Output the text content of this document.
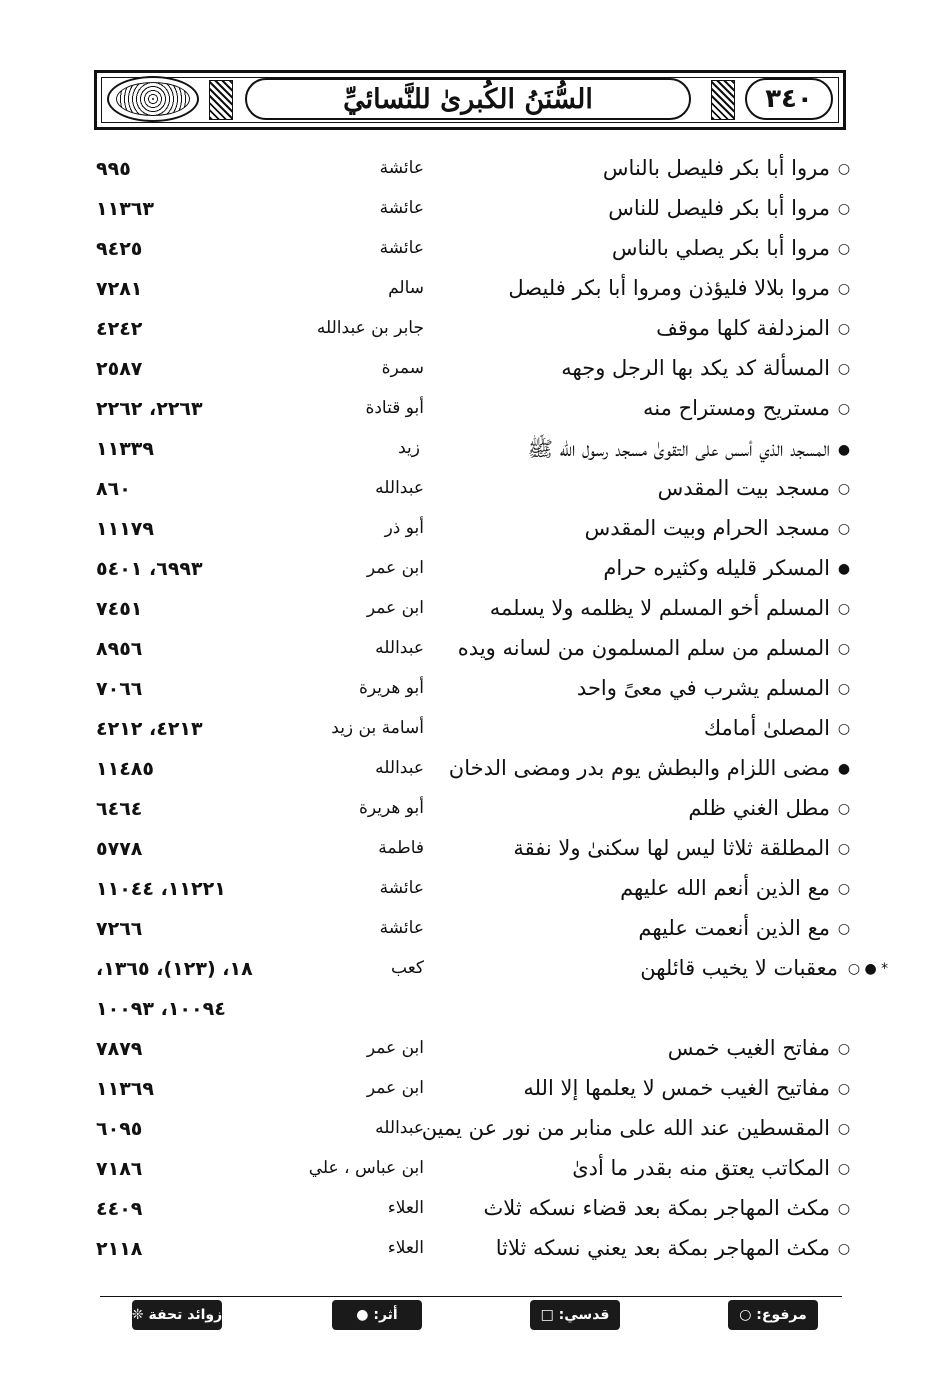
السُّنَنُ الكُبرىٰ للنَّسائيِّ	٣٤٠
○مروا أبا بكر فليصل بالناس
عائشة
٩٩٥
○مروا أبا بكر فليصل للناس
عائشة
١١٣٦٣
○مروا أبا بكر يصلي بالناس
عائشة
٩٤٢٥
○مروا بلالا فليؤذن ومروا أبا بكر فليصل
سالم
٧٢٨١
○المزدلفة كلها موقف
جابر بن عبدالله
٤٢٤٢
○المسألة كد يكد بها الرجل وجهه
سمرة
٢٥٨٧
○مستريح ومستراح منه
أبو قتادة
٢٢٦٣، ٢٢٦٢
●المسجد الذي أسس على التقوىٰ مسجد رسول الله ﷺ
زيد
١١٣٣٩
○مسجد بيت المقدس
عبدالله
٨٦٠
○مسجد الحرام وبيت المقدس
أبو ذر
١١١٧٩
●المسكر قليله وكثيره حرام
ابن عمر
٦٩٩٣، ٥٤٠١
○المسلم أخو المسلم لا يظلمه ولا يسلمه
ابن عمر
٧٤٥١
○المسلم من سلم المسلمون من لسانه ويده
عبدالله
٨٩٥٦
○المسلم يشرب في معىً واحد
أبو هريرة
٧٠٦٦
○المصلىٰ أمامك
أسامة بن زيد
٤٢١٣، ٤٢١٢
●مضى اللزام والبطش يوم بدر ومضى الدخان
عبدالله
١١٤٨٥
○مطل الغني ظلم
أبو هريرة
٦٤٦٤
○المطلقة ثلاثا ليس لها سكنىٰ ولا نفقة
فاطمة
٥٧٧٨
○مع الذين أنعم الله عليهم
عائشة
١١٢٢١، ١١٠٤٤
○مع الذين أنعمت عليهم
عائشة
٧٢٦٦
* ● ○معقبات لا يخيب قائلهن
كعب
١٨، (١٢٣)، ١٣٦٥،
١٠٠٩٤، ١٠٠٩٣
○مفاتح الغيب خمس
ابن عمر
٧٨٧٩
○مفاتيح الغيب خمس لا يعلمها إلا الله
ابن عمر
١١٣٦٩
○المقسطين عند الله على منابر من نور عن يمين
عبدالله
٦٠٩٥
○المكاتب يعتق منه بقدر ما أدىٰ
ابن عباس ، علي
٧١٨٦
○مكث المهاجر بمكة بعد قضاء نسكه ثلاث
العلاء
٤٤٠٩
○مكث المهاجر بمكة بعد يعني نسكه ثلاثا
العلاء
٢١١٨
مرفوع: ○
قدسي: □
أثر: ●
زوائد تحفة ❊
